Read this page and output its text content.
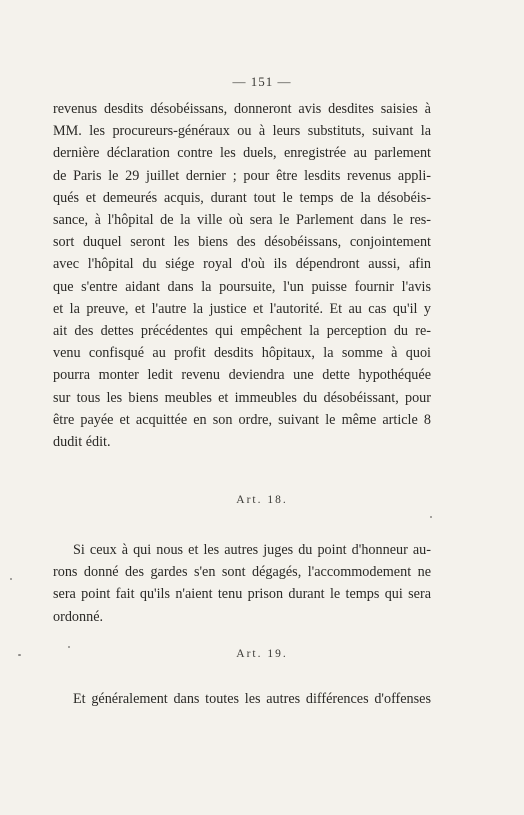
— 151 —
revenus desdits désobéissans, donneront avis desdites saisies à
MM. les procureurs-généraux ou à leurs substituts, suivant la
dernière déclaration contre les duels, enregistrée au parlement
de Paris le 29 juillet dernier ; pour être lesdits revenus appli-
qués et demeurés acquis, durant tout le temps de la désobéis-
sance, à l'hôpital de la ville où sera le Parlement dans le res-
sort duquel seront les biens des désobéissans, conjointement
avec l'hôpital du siége royal d'où ils dépendront aussi, afin
que s'entre aidant dans la poursuite, l'un puisse fournir l'avis
et la preuve, et l'autre la justice et l'autorité. Et au cas qu'il y
ait des dettes précédentes qui empêchent la perception du re-
venu confisqué au profit desdits hôpitaux, la somme à quoi
pourra monter ledit revenu deviendra une dette hypothéquée
sur tous les biens meubles et immeubles du désobéissant, pour
être payée et acquittée en son ordre, suivant le même article 8
dudit édit.
Art. 18.
Si ceux à qui nous et les autres juges du point d'honneur au-
rons donné des gardes s'en sont dégagés, l'accommodement ne
sera point fait qu'ils n'aient tenu prison durant le temps qui sera
ordonné.
Art. 19.
Et généralement dans toutes les autres différences d'offenses
